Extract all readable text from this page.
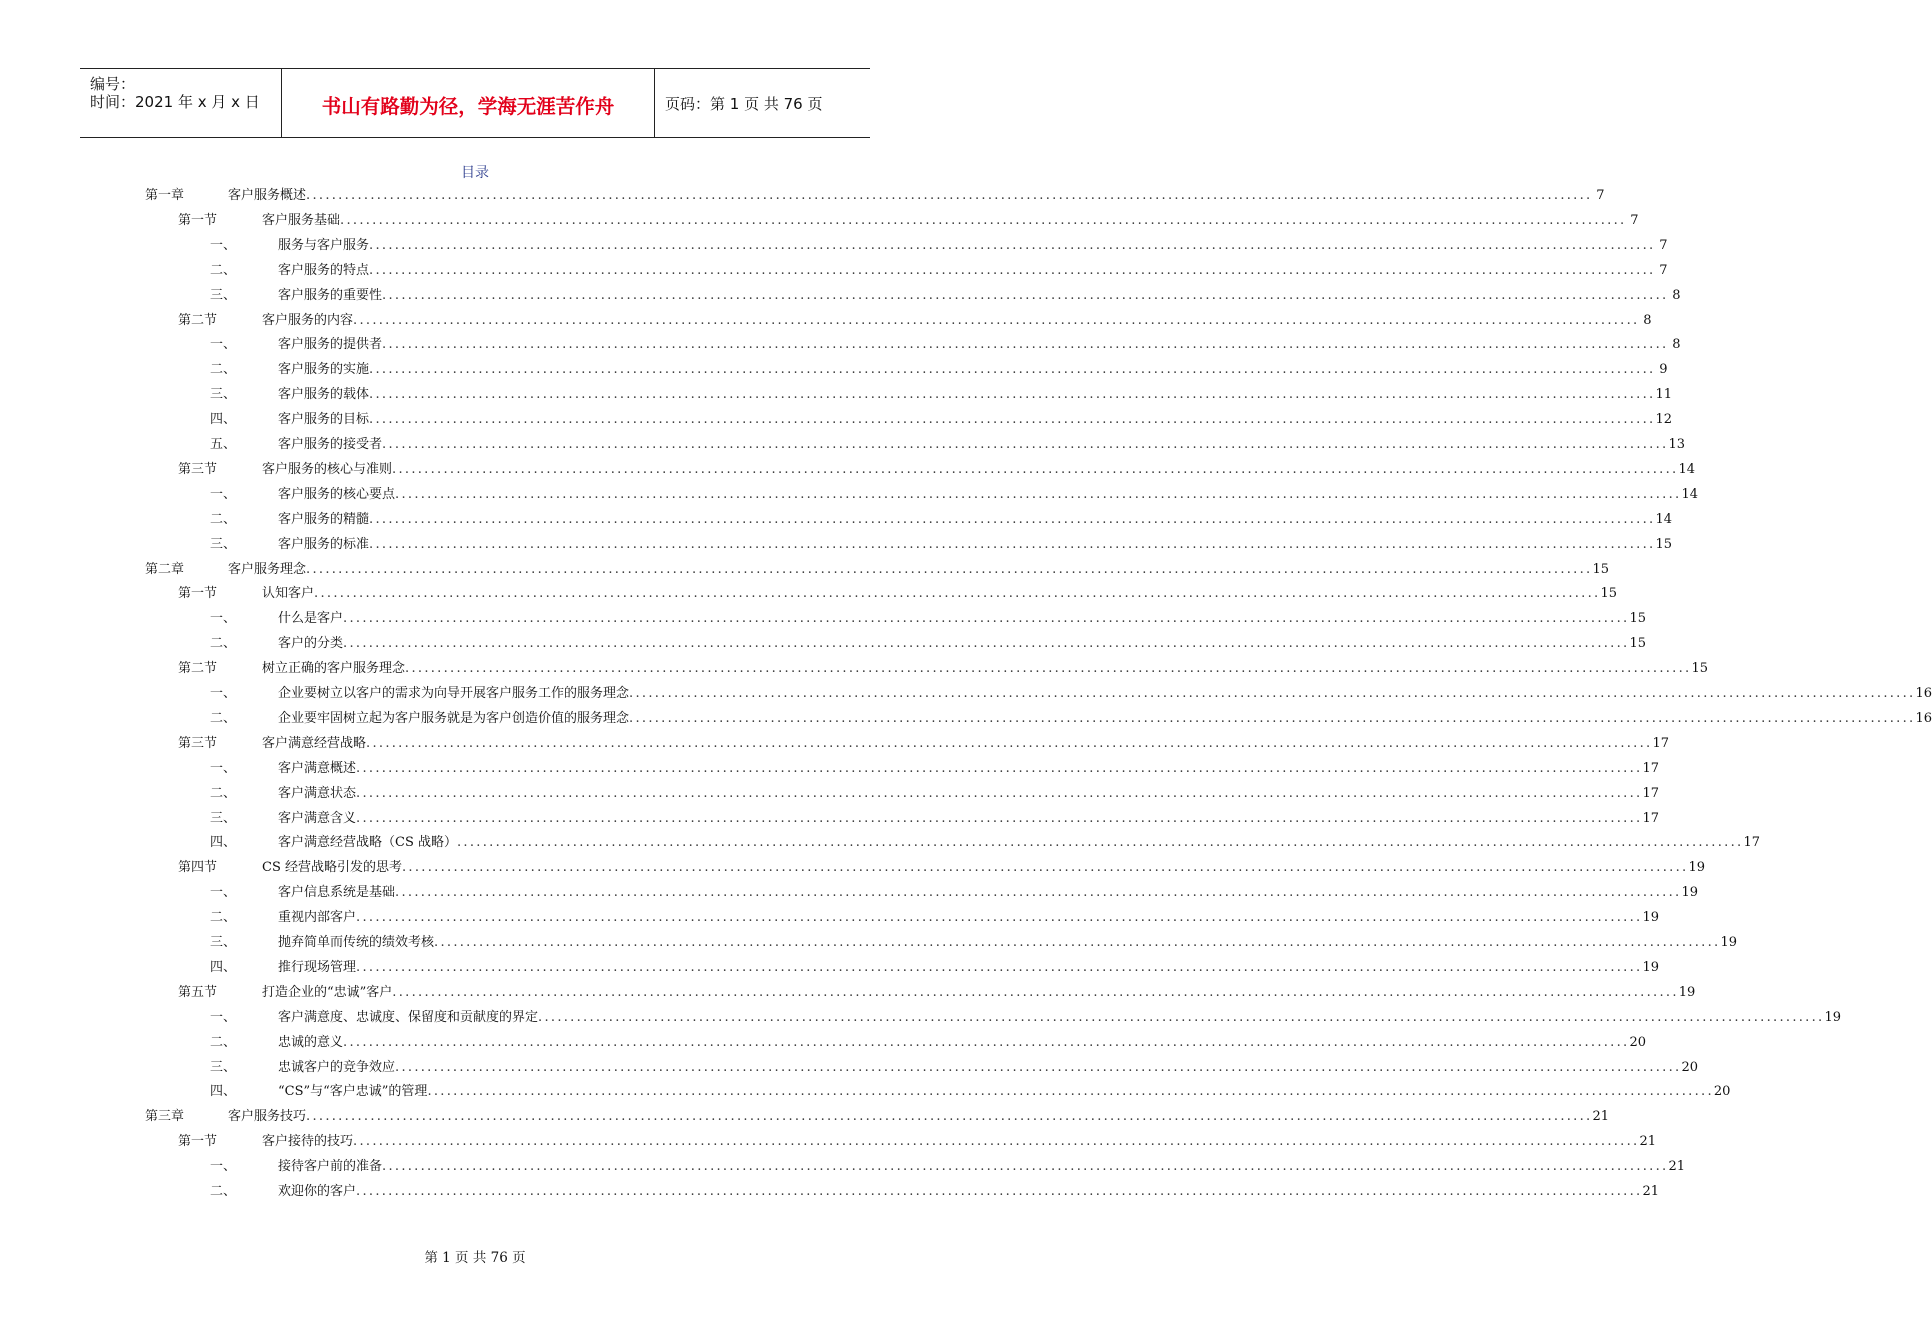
编号：
时间：2021 年 x 月 x 日	书山有路勤为径，学海无涯苦作舟	页码：第 1 页 共 76 页
目录
第一章	客户服务概述 ........................................................................................................................................................................................................ 7
第一节	客户服务基础 ........................................................................................................................................................................................................ 7
一、	服务与客户服务 ........................................................................................................................................................................................................ 7
二、	客户服务的特点 ........................................................................................................................................................................................................ 7
三、	客户服务的重要性 ........................................................................................................................................................................................................ 8
第二节	客户服务的内容 ........................................................................................................................................................................................................ 8
一、	客户服务的提供者 ........................................................................................................................................................................................................ 8
二、	客户服务的实施 ........................................................................................................................................................................................................ 9
三、	客户服务的载体 ........................................................................................................................................................................................................ 11
四、	客户服务的目标 ........................................................................................................................................................................................................ 12
五、	客户服务的接受者 ........................................................................................................................................................................................................ 13
第三节	客户服务的核心与准则 ........................................................................................................................................................................................................ 14
一、	客户服务的核心要点 ........................................................................................................................................................................................................ 14
二、	客户服务的精髓 ........................................................................................................................................................................................................ 14
三、	客户服务的标准 ........................................................................................................................................................................................................ 15
第二章	客户服务理念 ........................................................................................................................................................................................................ 15
第一节	认知客户 ........................................................................................................................................................................................................ 15
一、	什么是客户 ........................................................................................................................................................................................................ 15
二、	客户的分类 ........................................................................................................................................................................................................ 15
第二节	树立正确的客户服务理念 ........................................................................................................................................................................................................ 15
一、	企业要树立以客户的需求为向导开展客户服务工作的服务理念 ........................................................................................................................................................................................................ 16
二、	企业要牢固树立起为客户服务就是为客户创造价值的服务理念 ........................................................................................................................................................................................................ 16
第三节	客户满意经营战略 ........................................................................................................................................................................................................ 17
一、	客户满意概述 ........................................................................................................................................................................................................ 17
二、	客户满意状态 ........................................................................................................................................................................................................ 17
三、	客户满意含义 ........................................................................................................................................................................................................ 17
四、	客户满意经营战略（CS 战略） ........................................................................................................................................................................................................ 17
第四节	CS 经营战略引发的思考 ........................................................................................................................................................................................................ 19
一、	客户信息系统是基础 ........................................................................................................................................................................................................ 19
二、	重视内部客户 ........................................................................................................................................................................................................ 19
三、	抛弃简单而传统的绩效考核 ........................................................................................................................................................................................................ 19
四、	推行现场管理 ........................................................................................................................................................................................................ 19
第五节	打造企业的“忠诚”客户 ........................................................................................................................................................................................................ 19
一、	客户满意度、忠诚度、保留度和贡献度的界定 ........................................................................................................................................................................................................ 19
二、	忠诚的意义 ........................................................................................................................................................................................................ 20
三、	忠诚客户的竞争效应 ........................................................................................................................................................................................................ 20
四、	“CS”与“客户忠诚”的管理 ........................................................................................................................................................................................................ 20
第三章	客户服务技巧 ........................................................................................................................................................................................................ 21
第一节	客户接待的技巧 ........................................................................................................................................................................................................ 21
一、	接待客户前的准备 ........................................................................................................................................................................................................ 21
二、	欢迎你的客户 ........................................................................................................................................................................................................ 21
第 1 页 共 76 页
